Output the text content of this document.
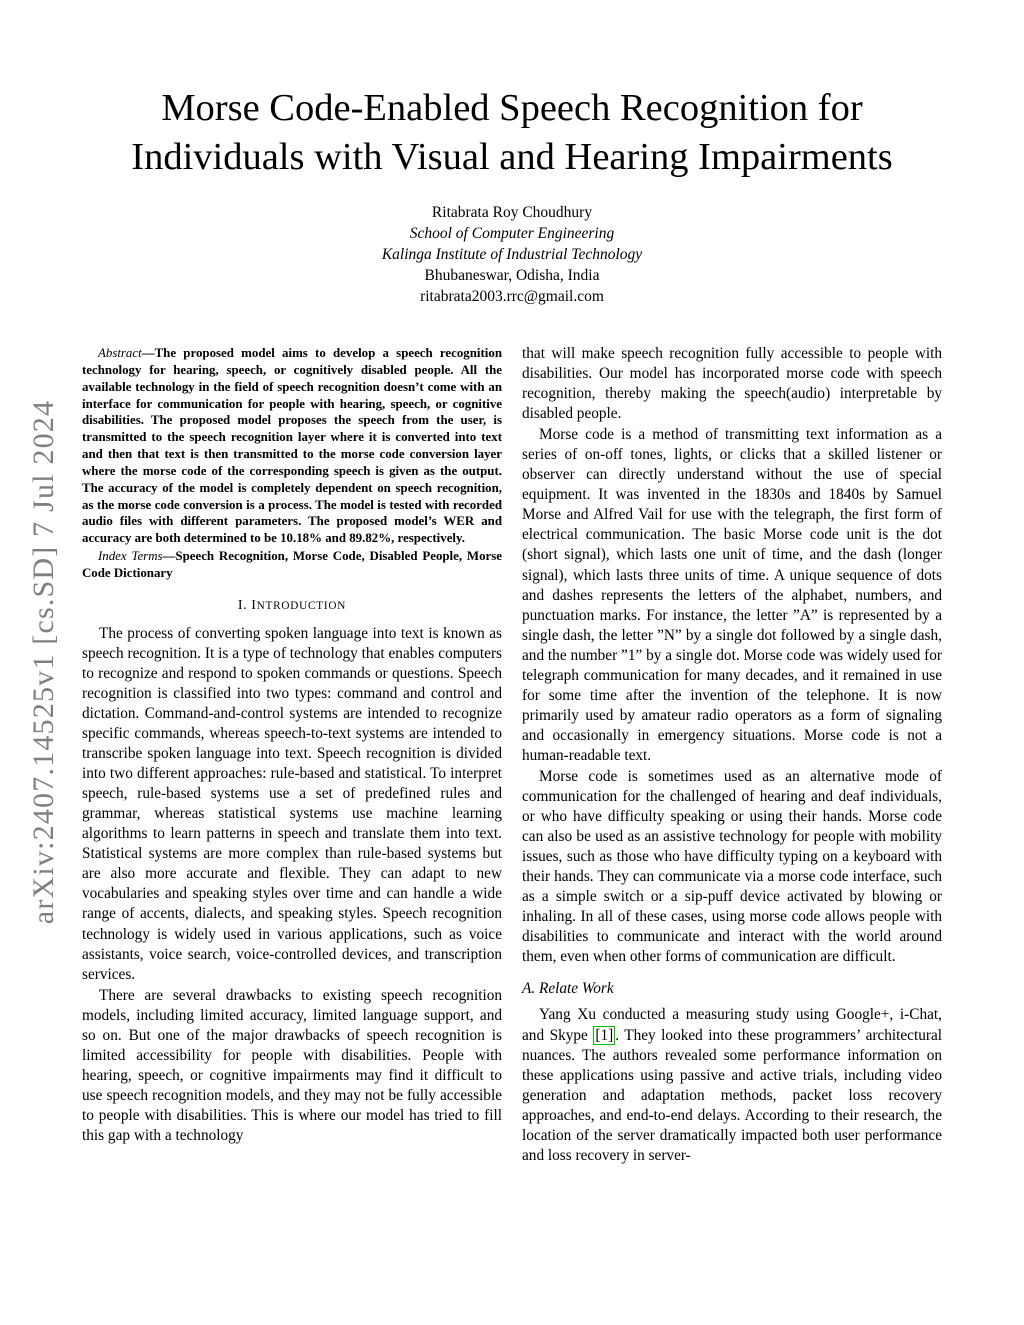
arXiv:2407.14525v1 [cs.SD] 7 Jul 2024
Morse Code-Enabled Speech Recognition for
Individuals with Visual and Hearing Impairments
Ritabrata Roy Choudhury
School of Computer Engineering
Kalinga Institute of Industrial Technology
Bhubaneswar, Odisha, India
ritabrata2003.rrc@gmail.com

Abstract—The proposed model aims to develop a speech recognition technology for hearing, speech, or cognitively disabled people. All the available technology in the field of speech recognition doesn’t come with an interface for communication for people with hearing, speech, or cognitive disabilities. The proposed model proposes the speech from the user, is transmitted to the speech recognition layer where it is converted into text and then that text is then transmitted to the morse code conversion layer where the morse code of the corresponding speech is given as the output. The accuracy of the model is completely dependent on speech recognition, as the morse code conversion is a process. The model is tested with recorded audio files with different parameters. The proposed model’s WER and accuracy are both determined to be 10.18% and 89.82%, respectively.

Index Terms—Speech Recognition, Morse Code, Disabled People, Morse Code Dictionary

I. INTRODUCTION

The process of converting spoken language into text is known as speech recognition. It is a type of technology that enables computers to recognize and respond to spoken commands or questions. Speech recognition is classified into two types: command and control and dictation. Command-and-control systems are intended to recognize specific commands, whereas speech-to-text systems are intended to transcribe spoken language into text. Speech recognition is divided into two different approaches: rule-based and statistical. To interpret speech, rule-based systems use a set of predefined rules and grammar, whereas statistical systems use machine learning algorithms to learn patterns in speech and translate them into text. Statistical systems are more complex than rule-based systems but are also more accurate and flexible. They can adapt to new vocabularies and speaking styles over time and can handle a wide range of accents, dialects, and speaking styles. Speech recognition technology is widely used in various applications, such as voice assistants, voice search, voice-controlled devices, and transcription services.

There are several drawbacks to existing speech recognition models, including limited accuracy, limited language support, and so on. But one of the major drawbacks of speech recognition is limited accessibility for people with disabilities. People with hearing, speech, or cognitive impairments may find it difficult to use speech recognition models, and they may not be fully accessible to people with disabilities. This is where our model has tried to fill this gap with a technology

that will make speech recognition fully accessible to people with disabilities. Our model has incorporated morse code with speech recognition, thereby making the speech(audio) interpretable by disabled people.

Morse code is a method of transmitting text information as a series of on-off tones, lights, or clicks that a skilled listener or observer can directly understand without the use of special equipment. It was invented in the 1830s and 1840s by Samuel Morse and Alfred Vail for use with the telegraph, the first form of electrical communication. The basic Morse code unit is the dot (short signal), which lasts one unit of time, and the dash (longer signal), which lasts three units of time. A unique sequence of dots and dashes represents the letters of the alphabet, numbers, and punctuation marks. For instance, the letter ”A” is represented by a single dash, the letter ”N” by a single dot followed by a single dash, and the number ”1” by a single dot. Morse code was widely used for telegraph communication for many decades, and it remained in use for some time after the invention of the telephone. It is now primarily used by amateur radio operators as a form of signaling and occasionally in emergency situations. Morse code is not a human-readable text.

Morse code is sometimes used as an alternative mode of communication for the challenged of hearing and deaf individuals, or who have difficulty speaking or using their hands. Morse code can also be used as an assistive technology for people with mobility issues, such as those who have difficulty typing on a keyboard with their hands. They can communicate via a morse code interface, such as a simple switch or a sip-puff device activated by blowing or inhaling. In all of these cases, using morse code allows people with disabilities to communicate and interact with the world around them, even when other forms of communication are difficult.

A. Relate Work

Yang Xu conducted a measuring study using Google+, i-Chat, and Skype [1] . They looked into these programmers’ architectural nuances. The authors revealed some performance information on these applications using passive and active trials, including video generation and adaptation methods, packet loss recovery approaches, and end-to-end delays. According to their research, the location of the server dramatically impacted both user performance and loss recovery in server-
